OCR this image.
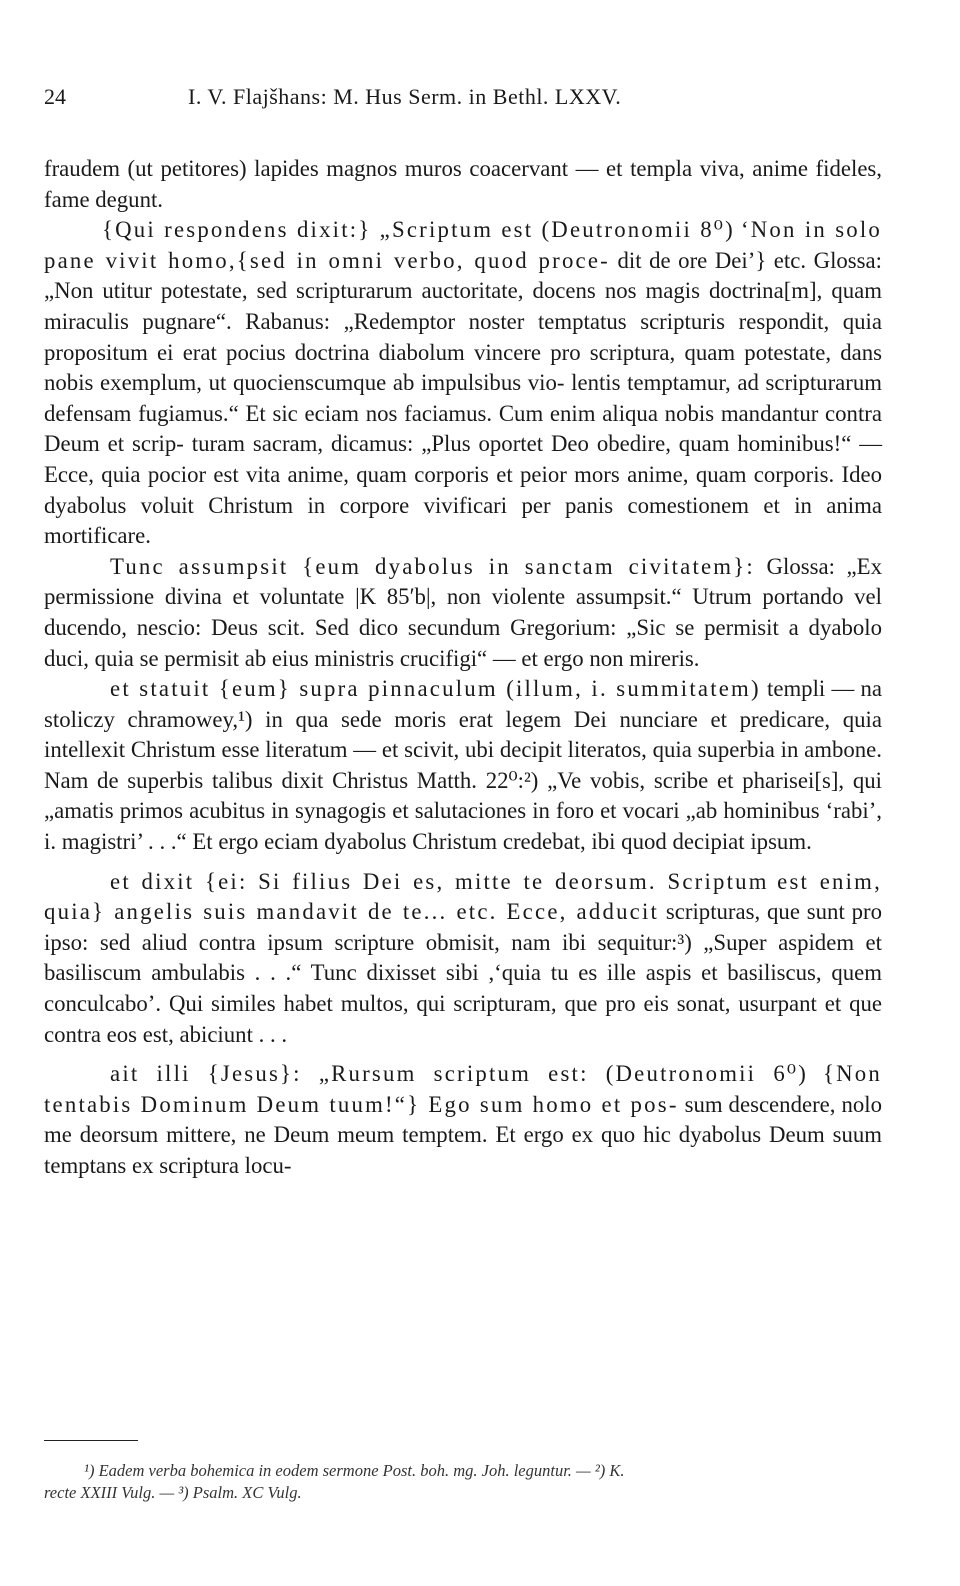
24	I. V. Flajšhans: M. Hus Serm. in Bethl. LXXV.

fraudem (ut petitores) lapides magnos muros coacervant — et templa viva, anime fideles, fame degunt.

{Qui respondens dixit:} „Scriptum est (Deutronomii 8⁰) ‘Non in solo pane vivit homo,{sed in omni verbo, quod proce- dit de ore Dei’} etc. Glossa: „Non utitur potestate, sed scripturarum auctoritate, docens nos magis doctrina[m], quam miraculis pugnare“. Rabanus: „Redemptor noster temptatus scripturis respondit, quia propositum ei erat pocius doctrina diabolum vincere pro scriptura, quam potestate, dans nobis exemplum, ut quocienscumque ab impulsibus vio- lentis temptamur, ad scripturarum defensam fugiamus.“ Et sic eciam nos faciamus. Cum enim aliqua nobis mandantur contra Deum et scrip- turam sacram, dicamus: „Plus oportet Deo obedire, quam hominibus!“ — Ecce, quia pocior est vita anime, quam corporis et peior mors anime, quam corporis. Ideo dyabolus voluit Christum in corpore vivificari per panis comestionem et in anima mortificare.

Tunc assumpsit {eum dyabolus in sanctam civitatem}: Glossa: „Ex permissione divina et voluntate |K 85ʹb|, non violente assumpsit.“ Utrum portando vel ducendo, nescio: Deus scit. Sed dico secundum Gregorium: „Sic se permisit a dyabolo duci, quia se permisit ab eius ministris crucifigi“ — et ergo non mireris.

et statuit {eum} supra pinnaculum (illum, i. summitatem) templi — na stoliczy chramowey,¹) in qua sede moris erat legem Dei nunciare et predicare, quia intellexit Christum esse literatum — et scivit, ubi decipit literatos, quia superbia in ambone. Nam de superbis talibus dixit Christus Matth. 22⁰:²) „Ve vobis, scribe et pharisei[s], qui „amatis primos acubitus in synagogis et salutaciones in foro et vocari „ab hominibus ‘rabi’, i. magistri’ . . .“ Et ergo eciam dyabolus Christum credebat, ibi quod decipiat ipsum.

et dixit {ei: Si filius Dei es, mitte te deorsum. Scriptum est enim, quia} angelis suis mandavit de te... etc. Ecce, adducit scripturas, que sunt pro ipso: sed aliud contra ipsum scripture obmisit, nam ibi sequitur:³) „Super aspidem et basiliscum ambulabis . . .“ Tunc dixisset sibi ,‘quia tu es ille aspis et basiliscus, quem conculcabo’. Qui similes habet multos, qui scripturam, que pro eis sonat, usurpant et que contra eos est, abiciunt . . .

ait illi {Jesus}: „Rursum scriptum est: (Deutronomii 6⁰) {Non tentabis Dominum Deum tuum!“} Ego sum homo et pos- sum descendere, nolo me deorsum mittere, ne Deum meum temptem. Et ergo ex quo hic dyabolus Deum suum temptans ex scriptura locu-

¹) Eadem verba bohemica in eodem sermone Post. boh. mg. Joh. leguntur. — ²) K.

recte XXIII Vulg. — ³) Psalm. XC Vulg.
